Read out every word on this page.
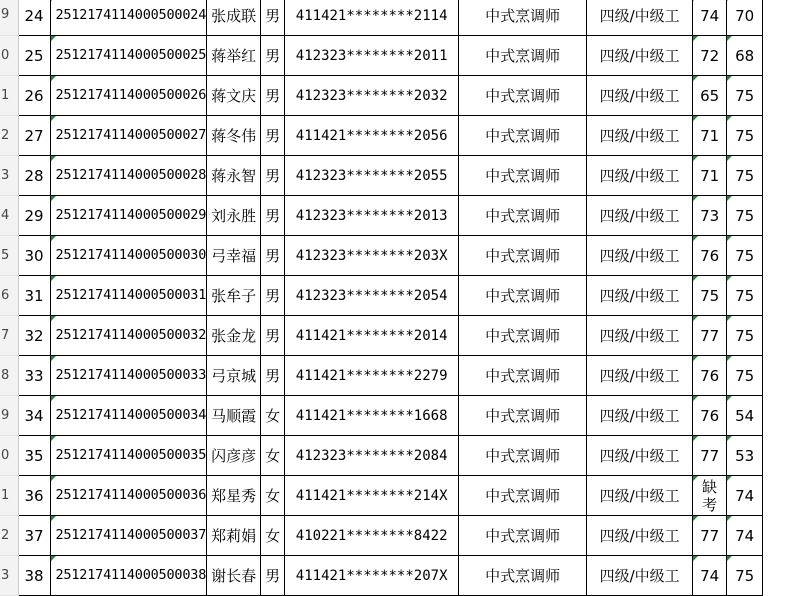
9	24	2512174114000500024	张成联	男	411421********2114	中式烹调师	四级/中级工	74	70
0	25	2512174114000500025	蒋举红	男	412323********2011	中式烹调师	四级/中级工	72	68
1	26	2512174114000500026	蒋文庆	男	412323********2032	中式烹调师	四级/中级工	65	75
2	27	2512174114000500027	蒋冬伟	男	411421********2056	中式烹调师	四级/中级工	71	75
3	28	2512174114000500028	蒋永智	男	412323********2055	中式烹调师	四级/中级工	71	75
4	29	2512174114000500029	刘永胜	男	412323********2013	中式烹调师	四级/中级工	73	75
5	30	2512174114000500030	弓幸福	男	412323********203X	中式烹调师	四级/中级工	76	75
6	31	2512174114000500031	张牟子	男	412323********2054	中式烹调师	四级/中级工	75	75
7	32	2512174114000500032	张金龙	男	411421********2014	中式烹调师	四级/中级工	77	75
8	33	2512174114000500033	弓京城	男	411421********2279	中式烹调师	四级/中级工	76	75
9	34	2512174114000500034	马顺霞	女	411421********1668	中式烹调师	四级/中级工	76	54
0	35	2512174114000500035	闪彦彦	女	412323********2084	中式烹调师	四级/中级工	77	53
1	36	2512174114000500036	郑星秀	女	411421********214X	中式烹调师	四级/中级工	缺考	74
2	37	2512174114000500037	郑莉娟	女	410221********8422	中式烹调师	四级/中级工	77	74
3	38	2512174114000500038	谢长春	男	411421********207X	中式烹调师	四级/中级工	74	75
